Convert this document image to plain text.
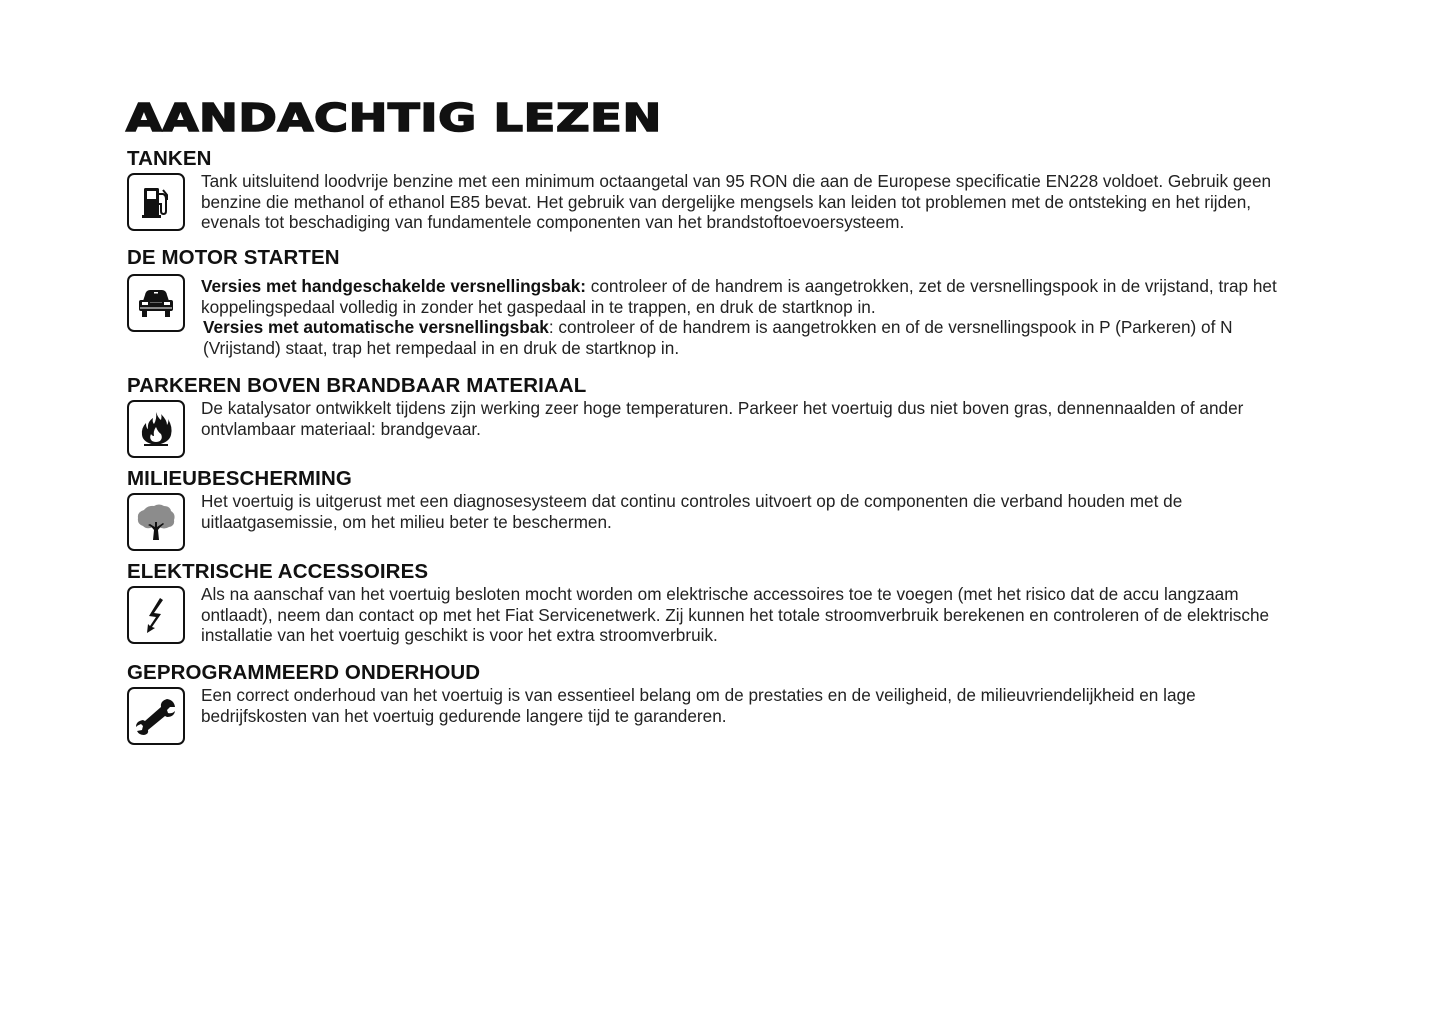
AANDACHTIG LEZEN
TANKEN
Tank uitsluitend loodvrije benzine met een minimum octaangetal van 95 RON die aan de Europese specificatie EN228 voldoet. Gebruik geen
benzine die methanol of ethanol E85 bevat. Het gebruik van dergelijke mengsels kan leiden tot problemen met de ontsteking en het rijden,
evenals tot beschadiging van fundamentele componenten van het brandstoftoevoersysteem.
DE MOTOR STARTEN
Versies met handgeschakelde versnellingsbak: controleer of de handrem is aangetrokken, zet de versnellingspook in de vrijstand, trap het
koppelingspedaal volledig in zonder het gaspedaal in te trappen, en druk de startknop in.
Versies met automatische versnellingsbak: controleer of de handrem is aangetrokken en of de versnellingspook in P (Parkeren) of N
(Vrijstand) staat, trap het rempedaal in en druk de startknop in.
PARKEREN BOVEN BRANDBAAR MATERIAAL
De katalysator ontwikkelt tijdens zijn werking zeer hoge temperaturen. Parkeer het voertuig dus niet boven gras, dennennaalden of ander
ontvlambaar materiaal: brandgevaar.
MILIEUBESCHERMING
Het voertuig is uitgerust met een diagnosesysteem dat continu controles uitvoert op de componenten die verband houden met de
uitlaatgasemissie, om het milieu beter te beschermen.
ELEKTRISCHE ACCESSOIRES
Als na aanschaf van het voertuig besloten mocht worden om elektrische accessoires toe te voegen (met het risico dat de accu langzaam
ontlaadt), neem dan contact op met het Fiat Servicenetwerk. Zij kunnen het totale stroomverbruik berekenen en controleren of de elektrische
installatie van het voertuig geschikt is voor het extra stroomverbruik.
GEPROGRAMMEERD ONDERHOUD
Een correct onderhoud van het voertuig is van essentieel belang om de prestaties en de veiligheid, de milieuvriendelijkheid en lage
bedrijfskosten van het voertuig gedurende langere tijd te garanderen.
